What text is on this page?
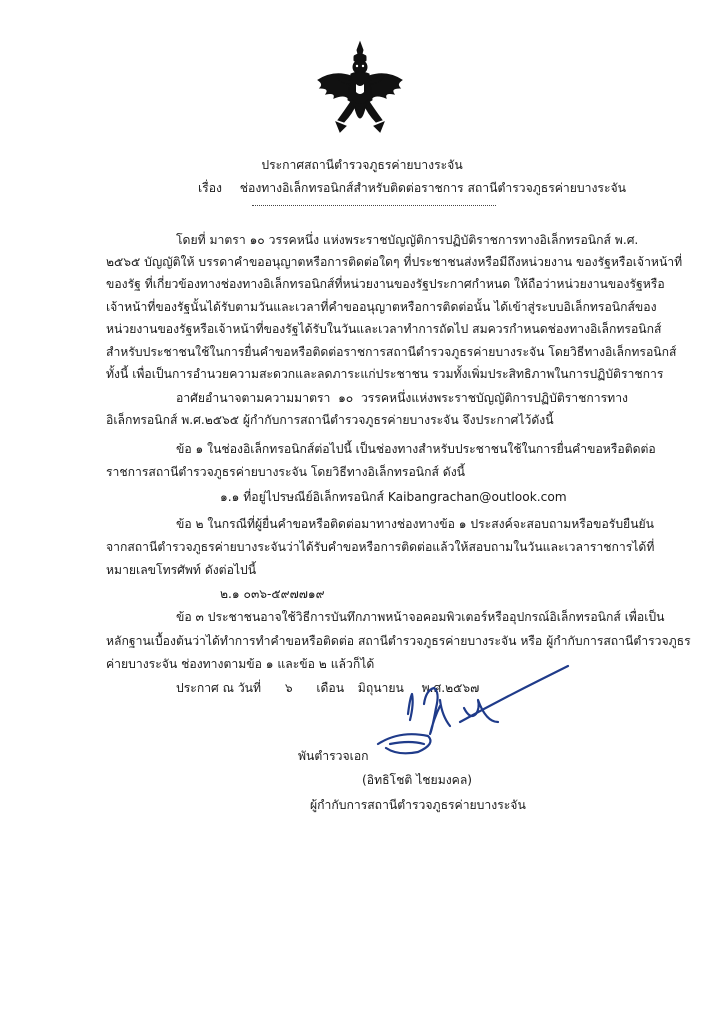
ประกาศสถานีตำรวจภูธรค่ายบางระจัน
เรื่อง ช่องทางอิเล็กทรอนิกส์สำหรับติดต่อราชการ สถานีตำรวจภูธรค่ายบางระจัน
โดยที่ มาตรา ๑๐ วรรคหนึ่ง แห่งพระราชบัญญัติการปฏิบัติราชการทางอิเล็กทรอนิกส์ พ.ศ.
๒๕๖๕ บัญญัติให้ บรรดาคำขออนุญาตหรือการติดต่อใดๆ ที่ประชาชนส่งหรือมีถึงหน่วยงาน ของรัฐหรือเจ้าหน้าที่
ของรัฐ ที่เกี่ยวข้องทางช่องทางอิเล็กทรอนิกส์ที่หน่วยงานของรัฐประกาศกำหนด ให้ถือว่าหน่วยงานของรัฐหรือ
เจ้าหน้าที่ของรัฐนั้นได้รับตามวันและเวลาที่คำขออนุญาตหรือการติดต่อนั้น ได้เข้าสู่ระบบอิเล็กทรอนิกส์ของ
หน่วยงานของรัฐหรือเจ้าหน้าที่ของรัฐได้รับในวันและเวลาทำการถัดไป สมควรกำหนดช่องทางอิเล็กทรอนิกส์
สำหรับประชาชนใช้ในการยื่นคำขอหรือติดต่อราชการสถานีตำรวจภูธรค่ายบางระจัน โดยวิธีทางอิเล็กทรอนิกส์
ทั้งนี้ เพื่อเป็นการอำนวยความสะดวกและลดภาระแก่ประชาชน รวมทั้งเพิ่มประสิทธิภาพในการปฏิบัติราชการ
อาศัยอำนาจตามความมาตรา ๑๐ วรรคหนึ่งแห่งพระราชบัญญัติการปฏิบัติราชการทาง
อิเล็กทรอนิกส์ พ.ศ.๒๕๖๕ ผู้กำกับการสถานีตำรวจภูธรค่ายบางระจัน จึงประกาศไว้ดังนี้
ข้อ ๑ ในช่องอิเล็กทรอนิกส์ต่อไปนี้ เป็นช่องทางสำหรับประชาชนใช้ในการยื่นคำขอหรือติดต่อ
ราชการสถานีตำรวจภูธรค่ายบางระจัน โดยวิธีทางอิเล็กทรอนิกส์ ดังนี้
๑.๑ ที่อยู่ไปรษณีย์อิเล็กทรอนิกส์ Kaibangrachan@outlook.com
ข้อ ๒ ในกรณีที่ผู้ยื่นคำขอหรือติดต่อมาทางช่องทางข้อ ๑ ประสงค์จะสอบถามหรือขอรับยืนยัน
จากสถานีตำรวจภูธรค่ายบางระจันว่าได้รับคำขอหรือการติดต่อแล้วให้สอบถามในวันและเวลาราชการได้ที่
หมายเลขโทรศัพท์ ดังต่อไปนี้
๒.๑ ๐๓๖-๕๙๗๗๑๙
ข้อ ๓ ประชาชนอาจใช้วิธีการบันทึกภาพหน้าจอคอมพิวเตอร์หรืออุปกรณ์อิเล็กทรอนิกส์ เพื่อเป็น
หลักฐานเบื้องต้นว่าได้ทำการทำคำขอหรือติดต่อ สถานีตำรวจภูธรค่ายบางระจัน หรือ ผู้กำกับการสถานีตำรวจภูธร
ค่ายบางระจัน ช่องทางตามข้อ ๑ และข้อ ๒ แล้วก็ได้
ประกาศ ณ วันที่ ๖ เดือน มิถุนายน พ.ศ.๒๕๖๗
พันตำรวจเอก
(อิทธิโชติ ไชยมงคล)
ผู้กำกับการสถานีตำรวจภูธรค่ายบางระจัน
